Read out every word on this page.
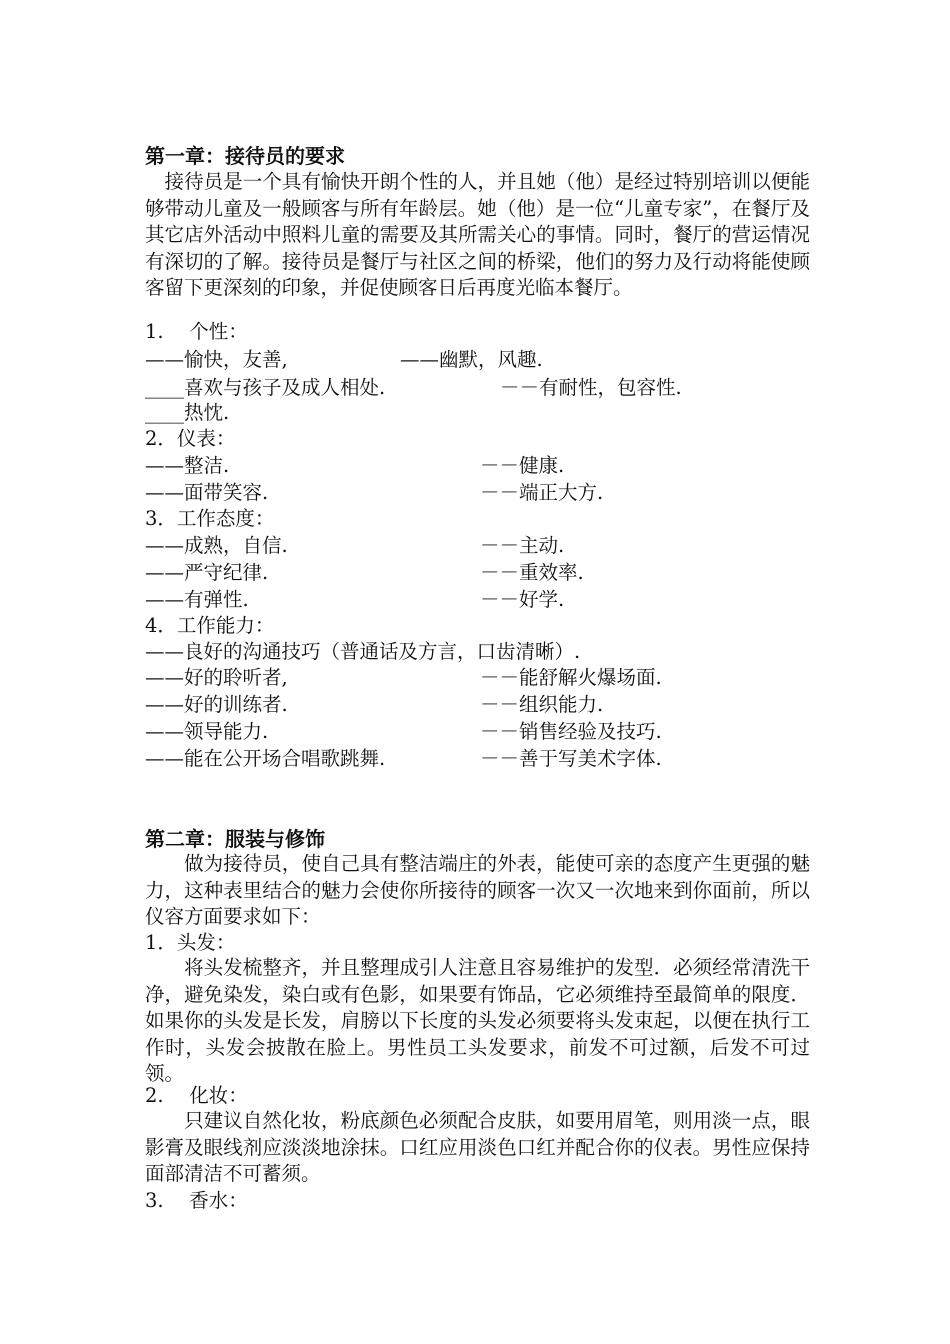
第一章：接待员的要求
　接待员是一个具有愉快开朗个性的人，并且她（他）是经过特别培训以便能够带动儿童及一般顾客与所有年龄层。她（他）是一位“儿童专家”，在餐厅及其它店外活动中照料儿童的需要及其所需关心的事情。同时，餐厅的营运情况有深切的了解。接待员是餐厅与社区之间的桥梁，他们的努力及行动将能使顾客留下更深刻的印象，并促使顾客日后再度光临本餐厅。
1.　 个性：
——愉快，友善,	——幽默，风趣.
____喜欢与孩子及成人相处.	－－有耐性，包容性.
____热忱.
2．仪表：
——整洁.	－－健康.
——面带笑容.	－－端正大方.
3．工作态度：
——成熟，自信.	－－主动.
——严守纪律.	－－重效率.
——有弹性.	－－好学.
4．工作能力：
——良好的沟通技巧（普通话及方言，口齿清晰）.
——好的聆听者,	－－能舒解火爆场面.
——好的训练者.	－－组织能力.
——领导能力.	－－销售经验及技巧.
——能在公开场合唱歌跳舞.	－－善于写美术字体.
第二章：服装与修饰
　　做为接待员，使自己具有整洁端庄的外表，能使可亲的态度产生更强的魅力，这种表里结合的魅力会使你所接待的顾客一次又一次地来到你面前，所以仪容方面要求如下：
1．头发：
　　将头发梳整齐，并且整理成引人注意且容易维护的发型．必须经常清洗干净，避免染发，染白或有色影，如果要有饰品，它必须维持至最简单的限度．如果你的头发是长发，肩膀以下长度的头发必须要将头发束起，以便在执行工作时，头发会披散在脸上。男性员工头发要求，前发不可过额，后发不可过领。
2.　 化妆：
　　只建议自然化妆，粉底颜色必须配合皮肤，如要用眉笔，则用淡一点，眼影膏及眼线剂应淡淡地涂抹。口红应用淡色口红并配合你的仪表。男性应保持面部清洁不可蓄须。
3.　 香水：
